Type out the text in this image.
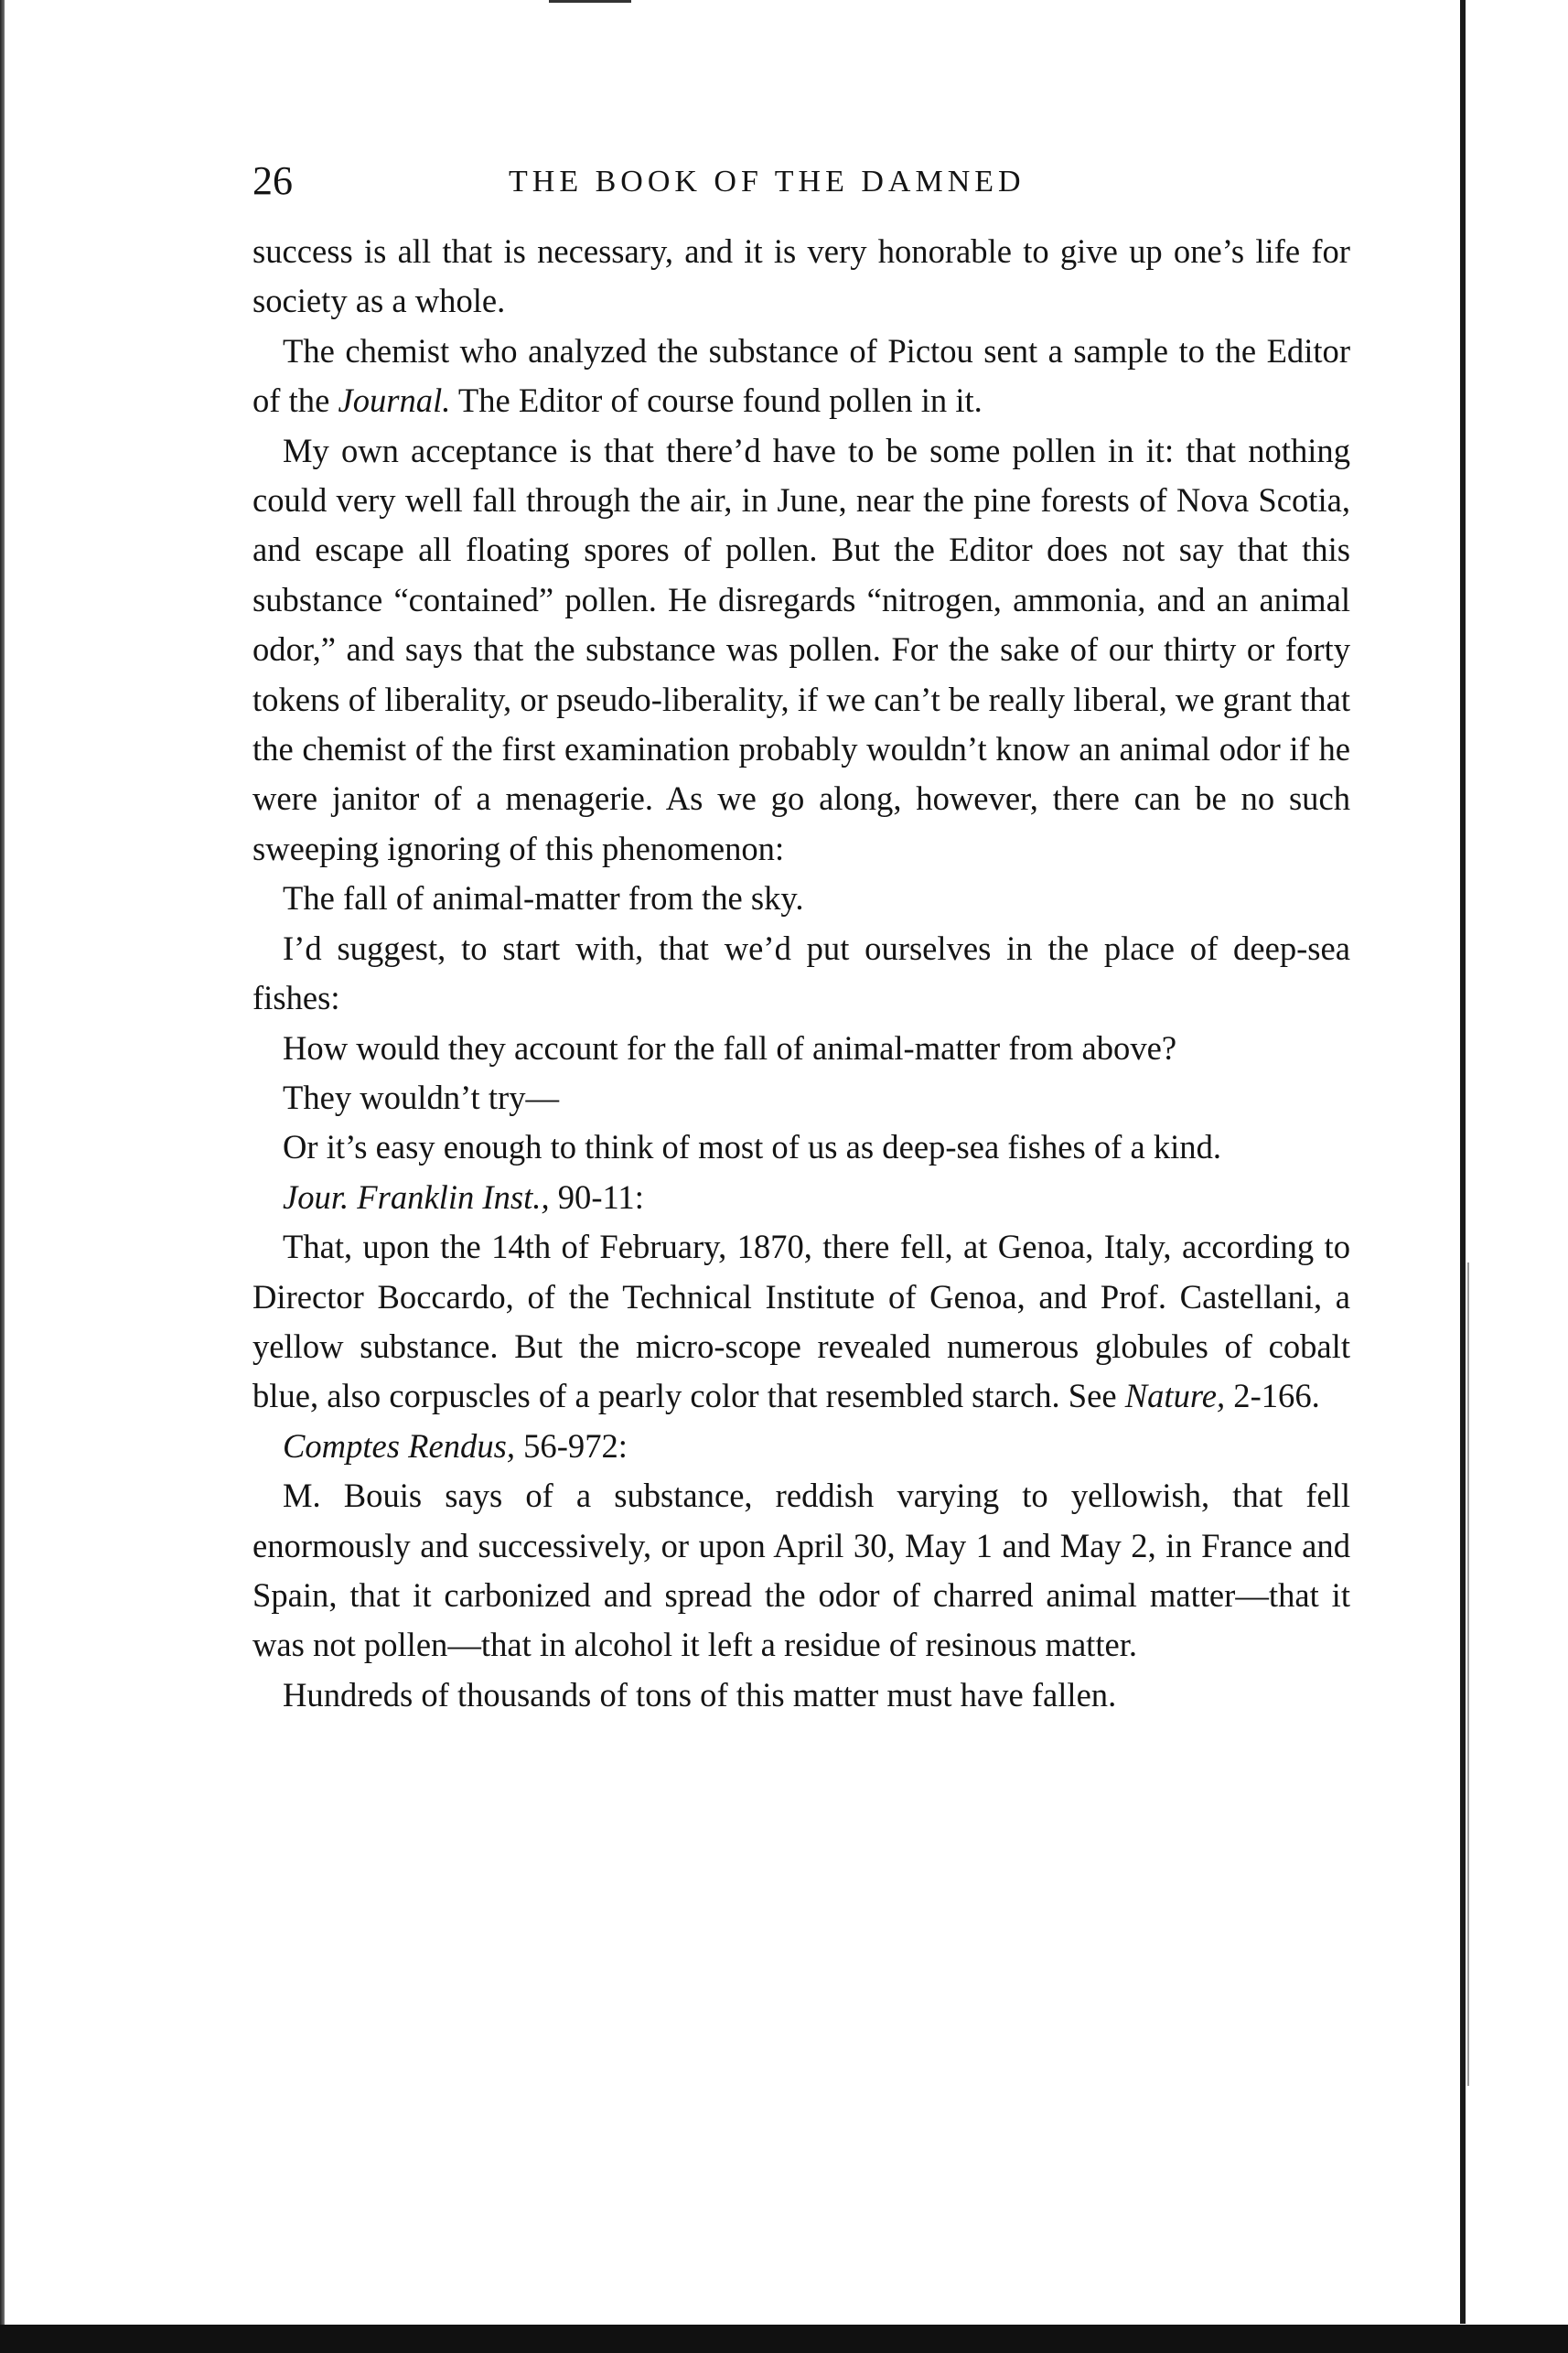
26	THE BOOK OF THE DAMNED

success is all that is necessary, and it is very honorable to give up one’s life for society as a whole.

The chemist who analyzed the substance of Pictou sent a sample to the Editor of the Journal. The Editor of course found pollen in it.

My own acceptance is that there’d have to be some pollen in it: that nothing could very well fall through the air, in June, near the pine forests of Nova Scotia, and escape all floating spores of pollen. But the Editor does not say that this substance “contained” pollen. He disregards “nitrogen, ammonia, and an animal odor,” and says that the substance was pollen. For the sake of our thirty or forty tokens of liberality, or pseudo-liberality, if we can’t be really liberal, we grant that the chemist of the first examination probably wouldn’t know an animal odor if he were janitor of a menagerie. As we go along, however, there can be no such sweeping ignoring of this phenomenon:

The fall of animal-matter from the sky.

I’d suggest, to start with, that we’d put ourselves in the place of deep-sea fishes:

How would they account for the fall of animal-matter from above?

They wouldn’t try—

Or it’s easy enough to think of most of us as deep-sea fishes of a kind.

Jour. Franklin Inst., 90-11:

That, upon the 14th of February, 1870, there fell, at Genoa, Italy, according to Director Boccardo, of the Technical Institute of Genoa, and Prof. Castellani, a yellow substance. But the micro-scope revealed numerous globules of cobalt blue, also corpuscles of a pearly color that resembled starch. See Nature, 2-166.

Comptes Rendus, 56-972:

M. Bouis says of a substance, reddish varying to yellowish, that fell enormously and successively, or upon April 30, May 1 and May 2, in France and Spain, that it carbonized and spread the odor of charred animal matter—that it was not pollen—that in alcohol it left a residue of resinous matter.

Hundreds of thousands of tons of this matter must have fallen.
